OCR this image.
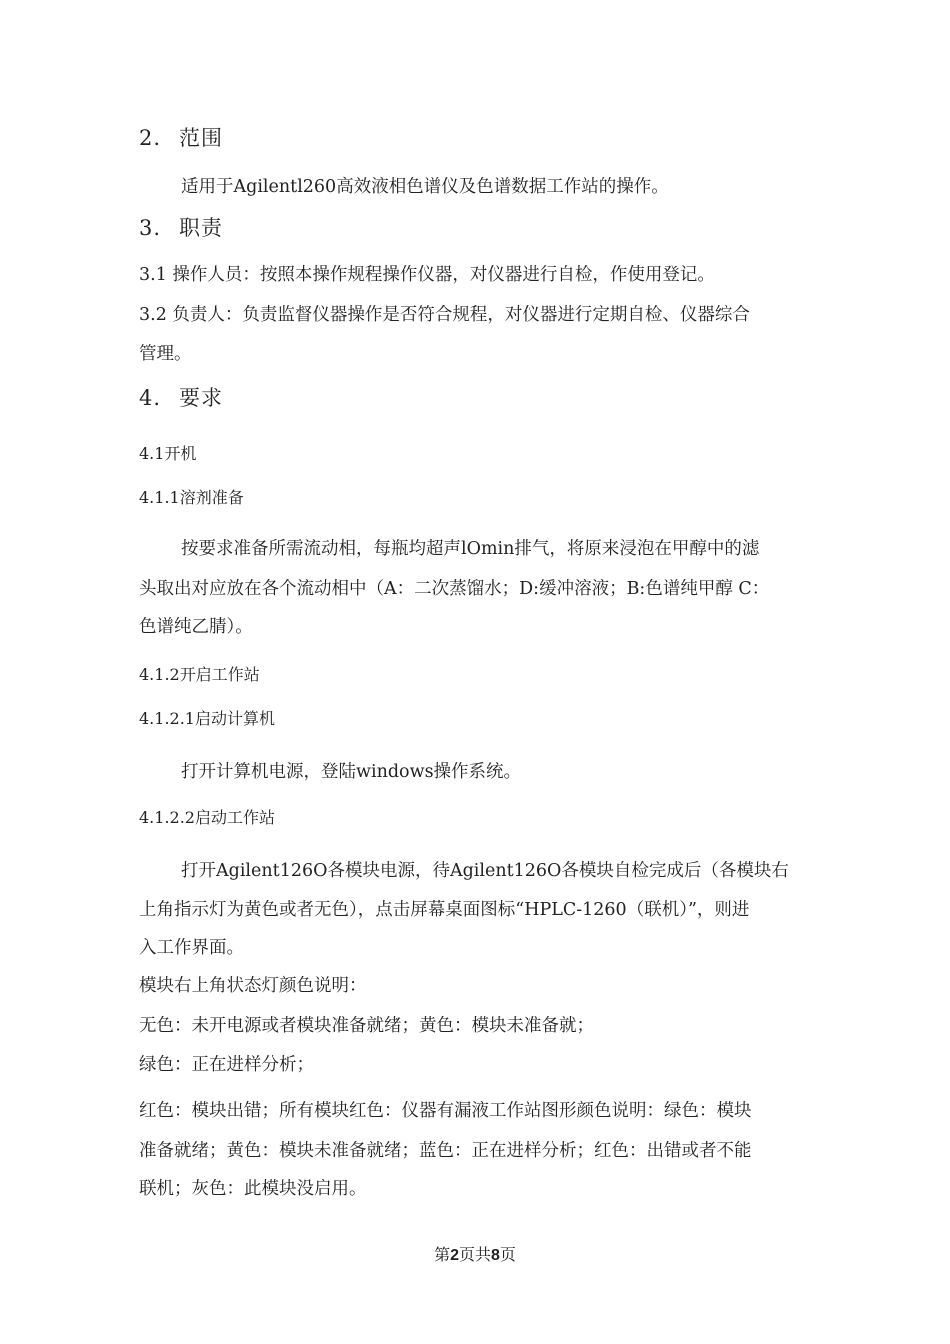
2. 范围
适用于Agilentl260高效液相色谱仪及色谱数据工作站的操作。
3. 职责
3.1 操作人员：按照本操作规程操作仪器，对仪器进行自检，作使用登记。
3.2 负责人：负责监督仪器操作是否符合规程，对仪器进行定期自检、仪器综合
管理。
4. 要求
4.1开机
4.1.1溶剂准备
按要求准备所需流动相，每瓶均超声lOmin排气，将原来浸泡在甲醇中的滤
头取出对应放在各个流动相中（A：二次蒸馏水；D:缓冲溶液；B:色谱纯甲醇 C：
色谱纯乙腈）。
4.1.2开启工作站
4.1.2.1启动计算机
打开计算机电源，登陆windows操作系统。
4.1.2.2启动工作站
打开Agilent126O各模块电源，待Agilent126O各模块自检完成后（各模块右
上角指示灯为黄色或者无色），点击屏幕桌面图标“HPLC-1260（联机）”，则进
入工作界面。
模块右上角状态灯颜色说明：
无色：未开电源或者模块准备就绪；黄色：模块未准备就；
绿色：正在进样分析；
红色：模块出错；所有模块红色：仪器有漏液工作站图形颜色说明：绿色：模块
准备就绪；黄色：模块未准备就绪；蓝色：正在进样分析；红色：出错或者不能
联机；灰色：此模块没启用。
第2页共8页
